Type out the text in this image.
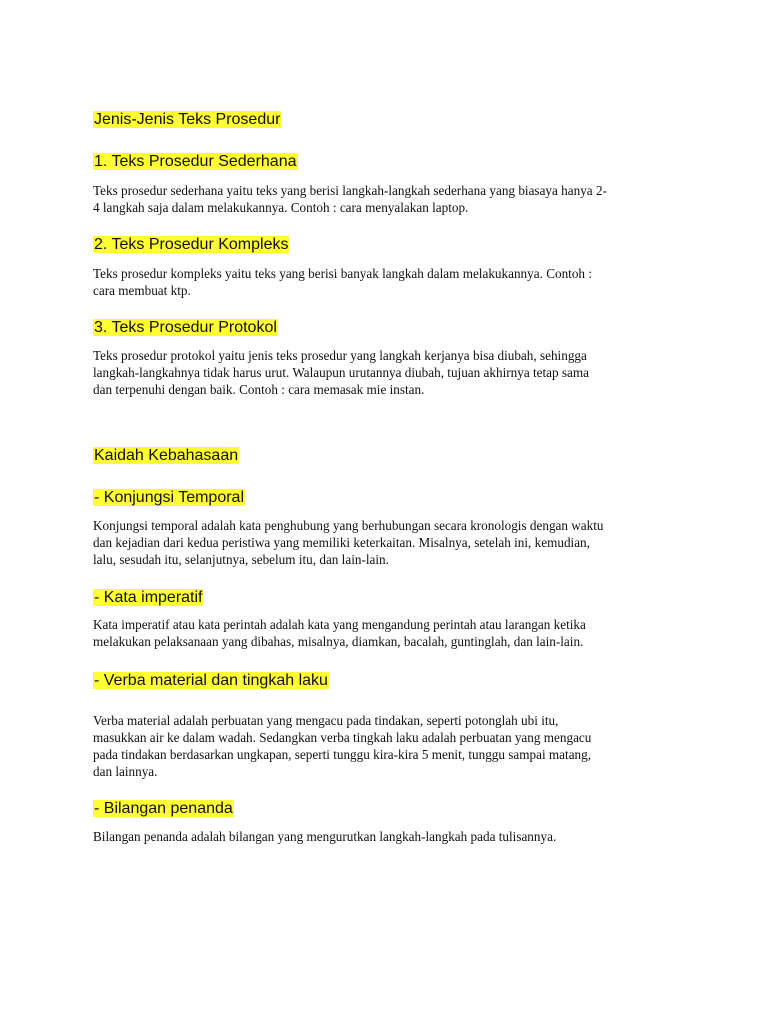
Jenis-Jenis Teks Prosedur
1. Teks Prosedur Sederhana

Teks prosedur sederhana yaitu teks yang berisi langkah-langkah sederhana yang biasaya hanya 2-
4 langkah saja dalam melakukannya. Contoh : cara menyalakan laptop.

2. Teks Prosedur Kompleks

Teks prosedur kompleks yaitu teks yang berisi banyak langkah dalam melakukannya. Contoh :
cara membuat ktp.

3. Teks Prosedur Protokol

Teks prosedur protokol yaitu jenis teks prosedur yang langkah kerjanya bisa diubah, sehingga
langkah-langkahnya tidak harus urut. Walaupun urutannya diubah, tujuan akhirnya tetap sama
dan terpenuhi dengan baik. Contoh : cara memasak mie instan.

Kaidah Kebahasaan
- Konjungsi Temporal

Konjungsi temporal adalah kata penghubung yang berhubungan secara kronologis dengan waktu
dan kejadian dari kedua peristiwa yang memiliki keterkaitan. Misalnya, setelah ini, kemudian,
lalu, sesudah itu, selanjutnya, sebelum itu, dan lain-lain.

- Kata imperatif

Kata imperatif atau kata perintah adalah kata yang mengandung perintah atau larangan ketika
melakukan pelaksanaan yang dibahas, misalnya, diamkan, bacalah, guntinglah, dan lain-lain.

- Verba material dan tingkah laku

Verba material adalah perbuatan yang mengacu pada tindakan, seperti potonglah ubi itu,
masukkan air ke dalam wadah. Sedangkan verba tingkah laku adalah perbuatan yang mengacu
pada tindakan berdasarkan ungkapan, seperti tunggu kira-kira 5 menit, tunggu sampai matang,
dan lainnya.

- Bilangan penanda

Bilangan penanda adalah bilangan yang mengurutkan langkah-langkah pada tulisannya.
